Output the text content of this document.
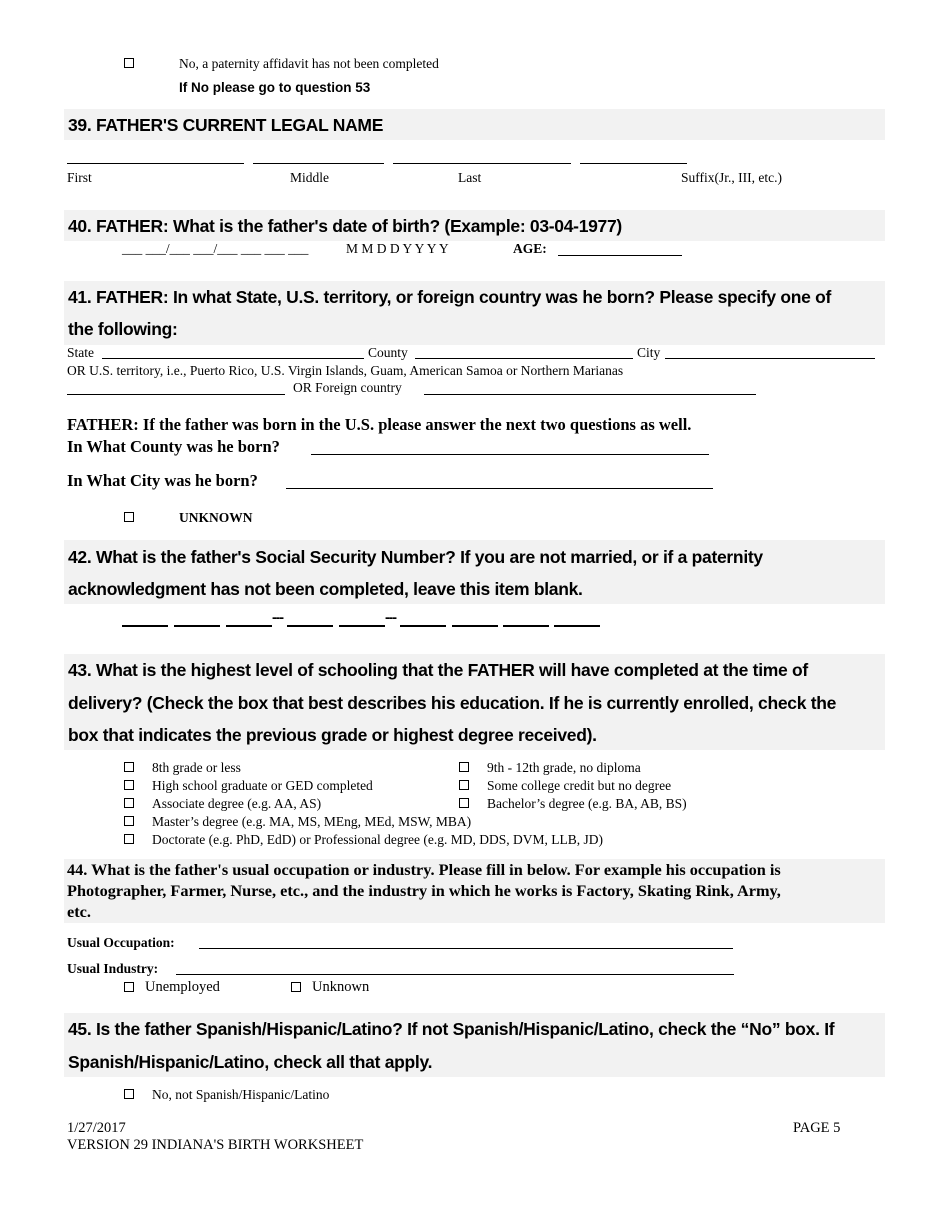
No, a paternity affidavit has not been completed
If No please go to question 53
39. FATHER'S CURRENT LEGAL NAME
First	Middle	Last	Suffix(Jr., III, etc.)
40. FATHER: What is the father's date of birth? (Example: 03-04-1977)
___ ___/___ ___/___ ___ ___ ___	M M D D Y Y Y Y	AGE:
41. FATHER: In what State, U.S. territory, or foreign country was he born? Please specify one of
the following:
State	County	City
OR U.S. territory, i.e., Puerto Rico, U.S. Virgin Islands, Guam, American Samoa or Northern Marianas
OR Foreign country
FATHER: If the father was born in the U.S. please answer the next two questions as well.
In What County was he born?
In What City was he born?
UNKNOWN
42. What is the father's Social Security Number? If you are not married, or if a paternity
acknowledgment has not been completed, leave this item blank.
---	---
43. What is the highest level of schooling that the FATHER will have completed at the time of
delivery? (Check the box that best describes his education. If he is currently enrolled, check the
box that indicates the previous grade or highest degree received).
8th grade or less	9th - 12th grade, no diploma
High school graduate or GED completed	Some college credit but no degree
Associate degree (e.g. AA, AS)	Bachelor’s degree (e.g. BA, AB, BS)
Master’s degree (e.g. MA, MS, MEng, MEd, MSW, MBA)
Doctorate (e.g. PhD, EdD) or Professional degree (e.g. MD, DDS, DVM, LLB, JD)
44. What is the father's usual occupation or industry. Please fill in below. For example his occupation is
Photographer, Farmer, Nurse, etc., and the industry in which he works is Factory, Skating Rink, Army,
etc.
Usual Occupation:
Usual Industry:
Unemployed	Unknown
45. Is the father Spanish/Hispanic/Latino? If not Spanish/Hispanic/Latino, check the “No” box. If
Spanish/Hispanic/Latino, check all that apply.
No, not Spanish/Hispanic/Latino
1/27/2017
VERSION 29 INDIANA'S BIRTH WORKSHEET
PAGE 5
